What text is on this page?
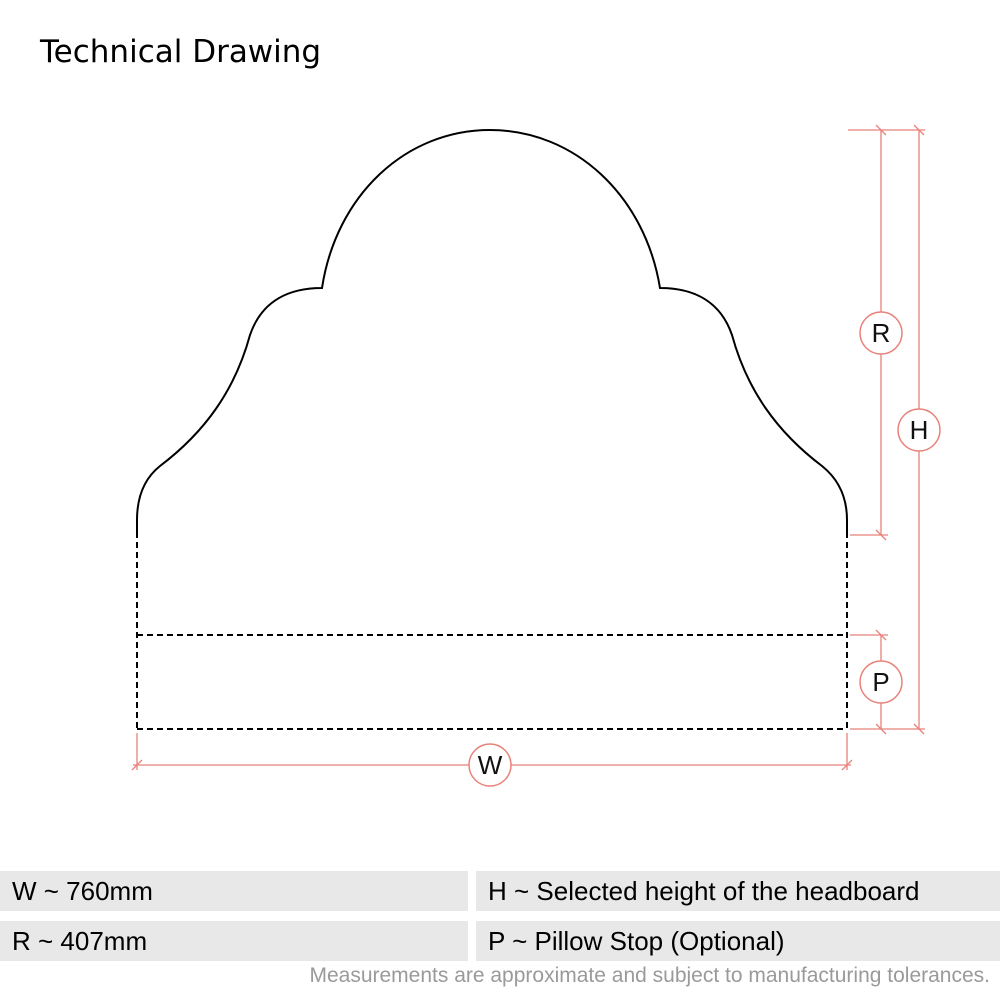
Technical Drawing
R
H
P
W
W ~ 760mm	H ~ Selected height of the headboard
R ~ 407mm	P ~ Pillow Stop (Optional)
Measurements are approximate and subject to manufacturing tolerances.
